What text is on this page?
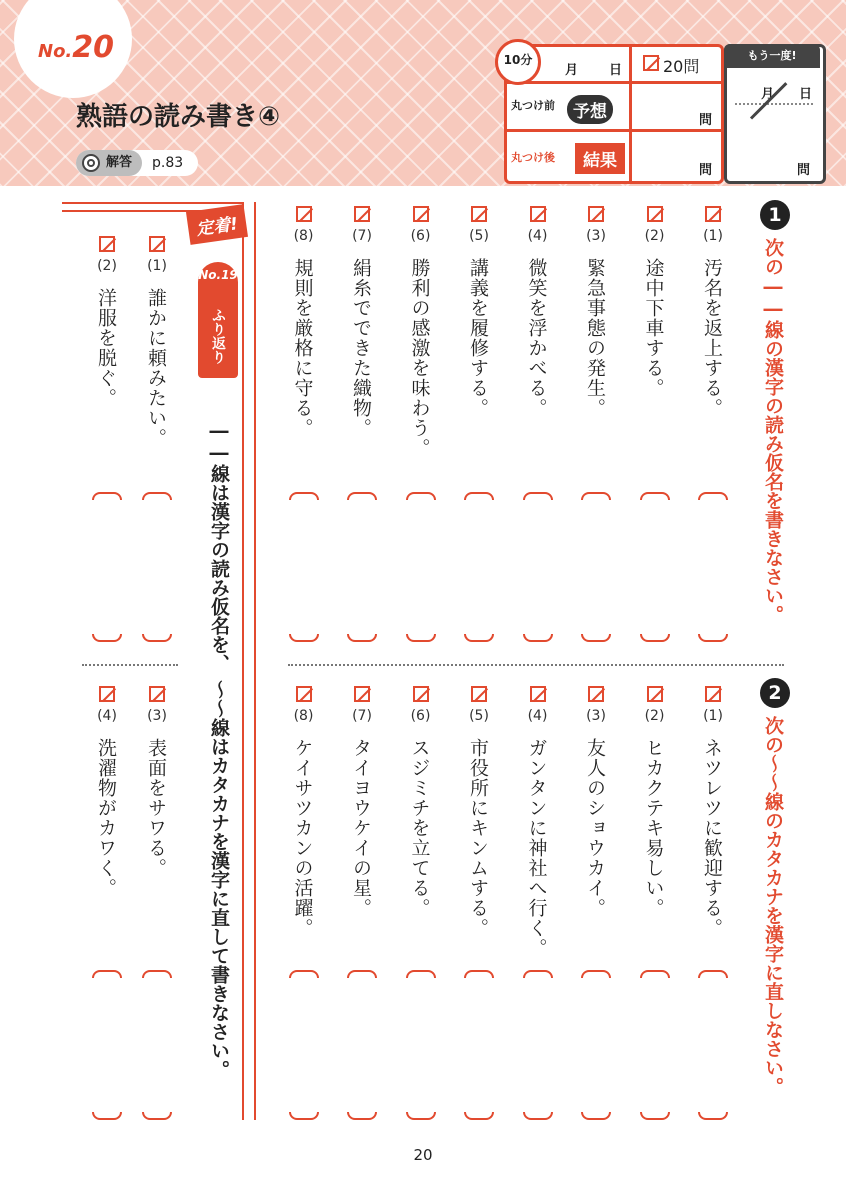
No.20
熟語の読み書き④
解答	p.83
10分
月 日	20問
丸つけ前	予想	問
丸つけ後	結果	問
もう一度!
月 日
問
1
次の――線の漢字の読み仮名を書きなさい。
(1)
汚名を返上する。
(2)
途中下車する。
(3)
緊急事態の発生。
(4)
微笑を浮かべる。
(5)
講義を履修する。
(6)
勝利の感激を味わう。
(7)
絹糸でできた織物。
(8)
規則を厳格に守る。
2
次の～～線のカタカナを漢字に直しなさい。
(1)
ネツレツに歓迎する。
(2)
ヒカクテキ易しい。
(3)
友人のショウカイ。
(4)
ガンタンに神社へ行く。
(5)
市役所にキンムする。
(6)
スジミチを立てる。
(7)
タイヨウケイの星。
(8)
ケイサツカンの活躍。
定着!
No.19
ふり返り
――線は漢字の読み仮名を、
～～線はカタカナを漢字に直して書きなさい。
(1)
誰かに頼みたい。
(2)
洋服を脱ぐ。
(3)
表面をサワる。
(4)
洗濯物がカワく。
20
